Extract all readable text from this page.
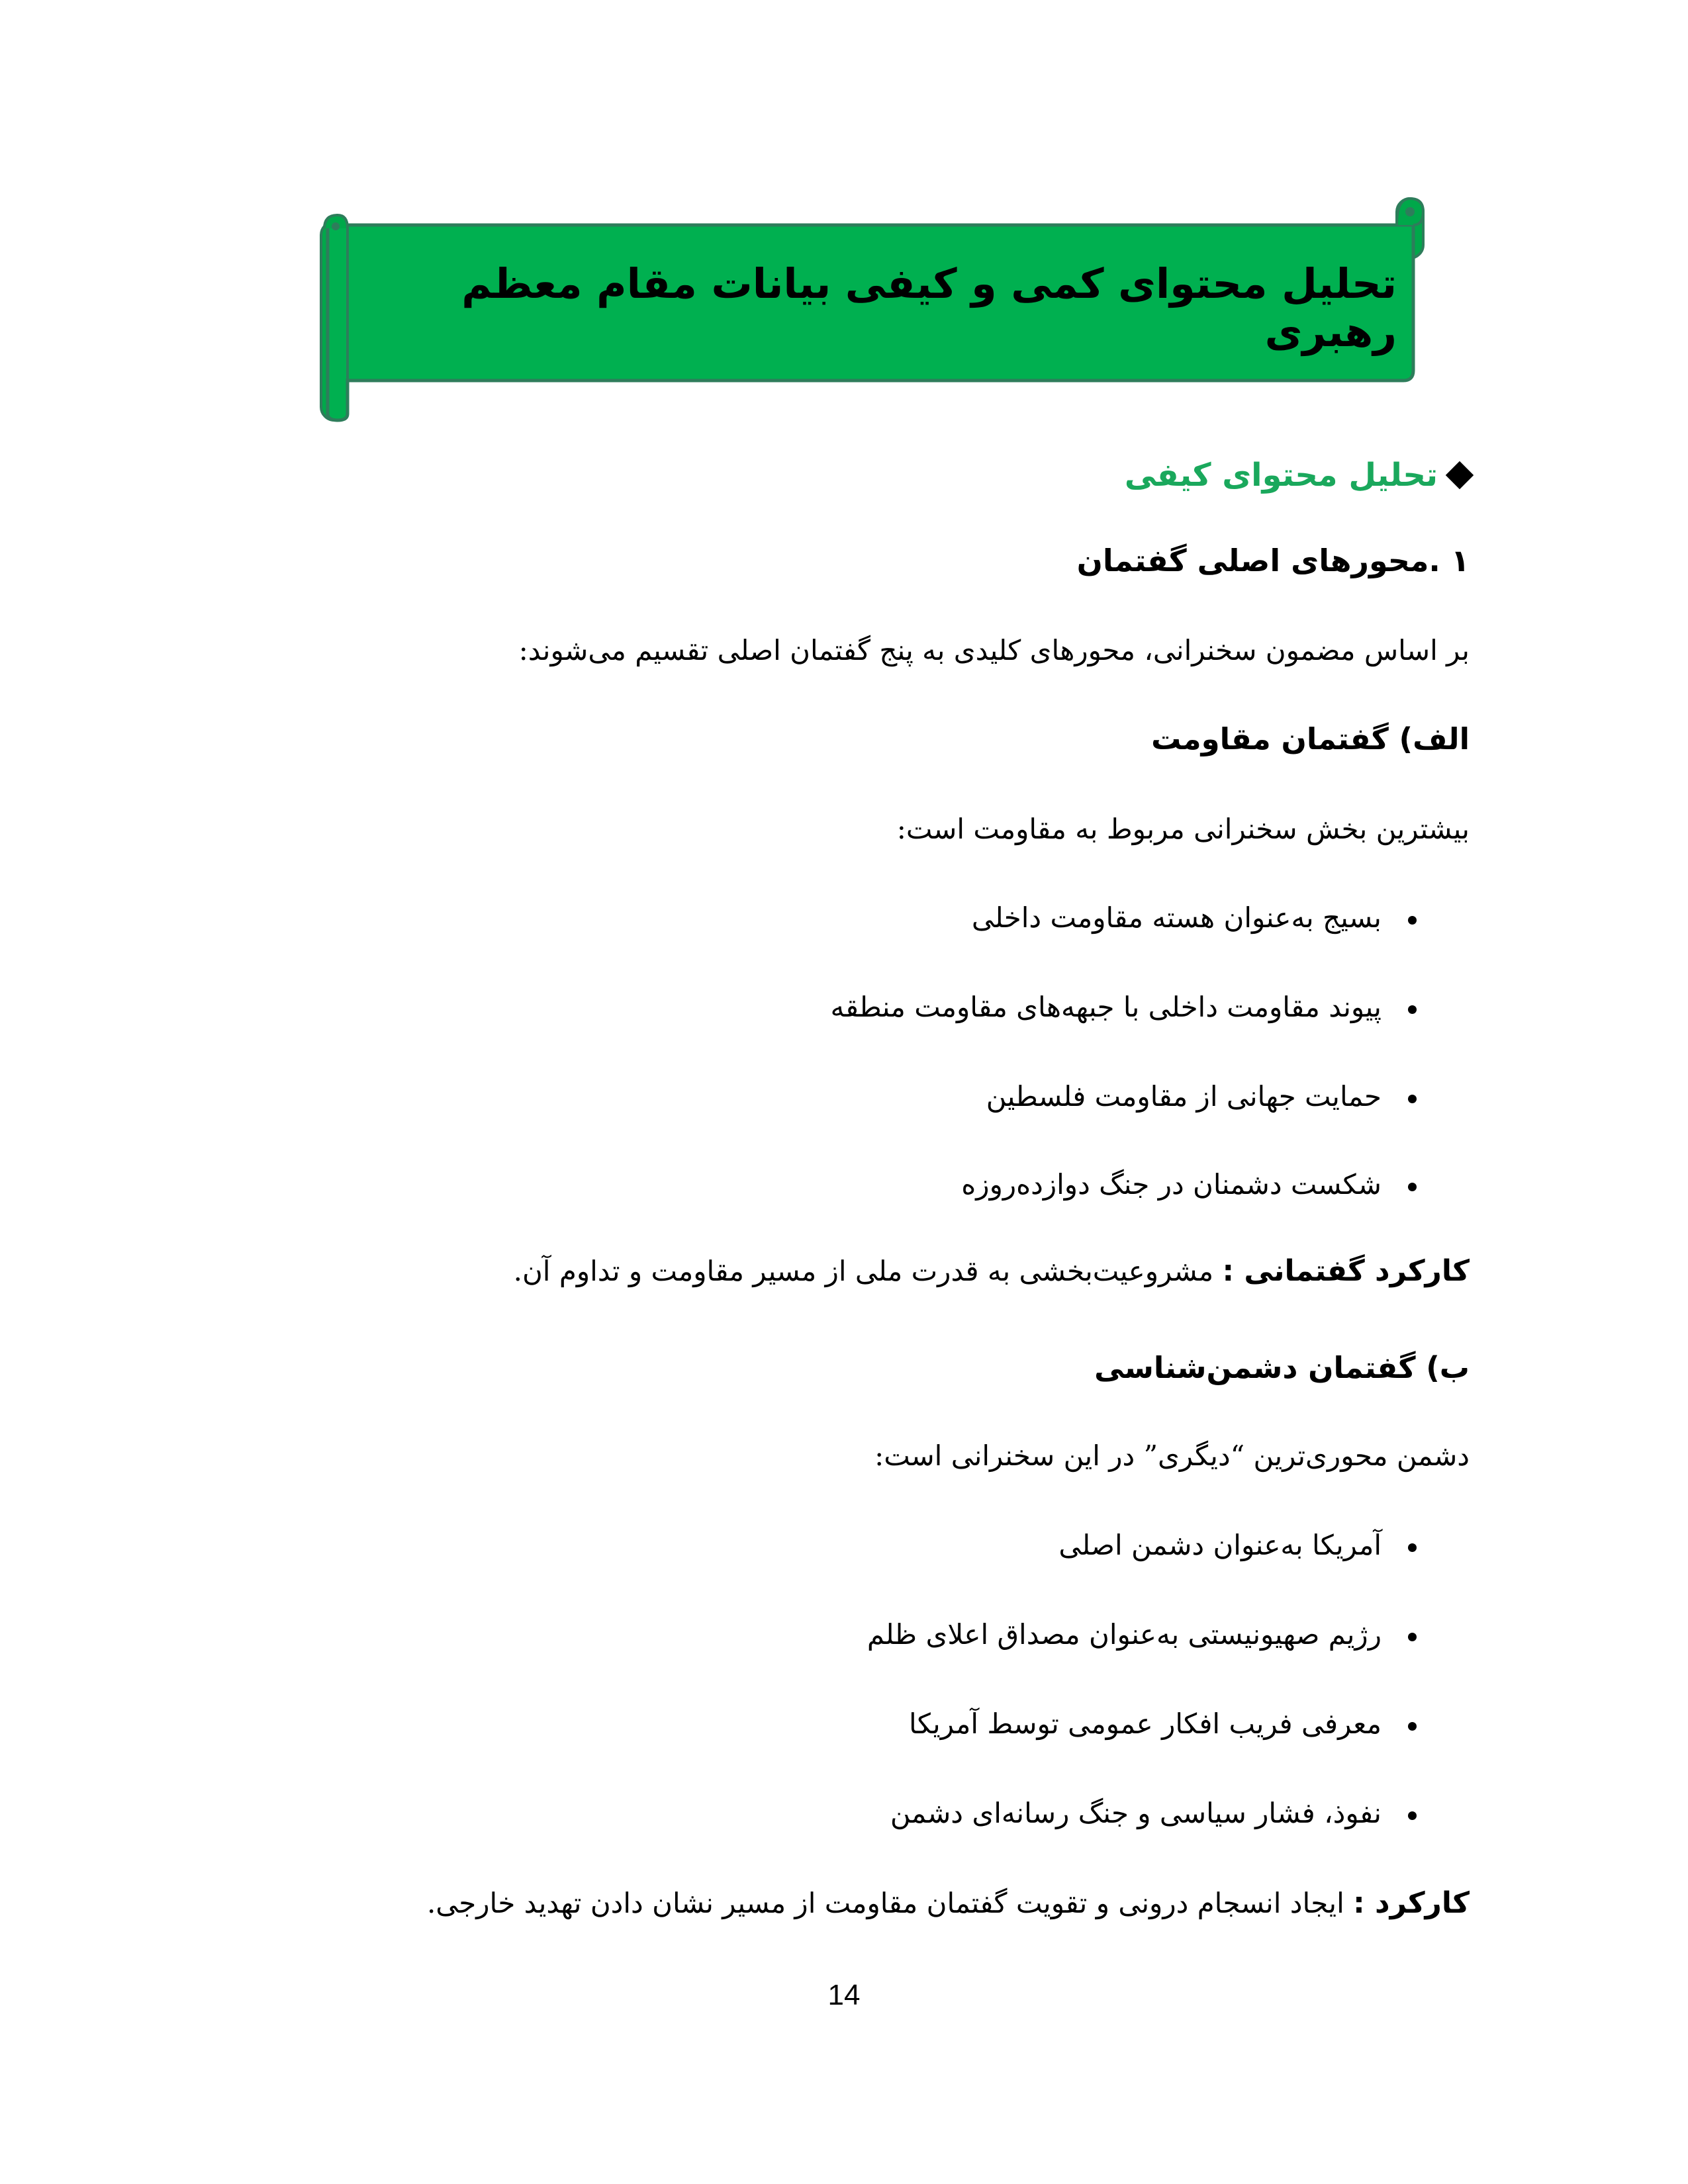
تحلیل محتوای کمی و کیفی بیانات مقام معظم رهبری
تحلیل محتوای کیفی
۱ .محورهای اصلی گفتمان
بر اساس مضمون سخنرانی، محورهای کلیدی به پنج گفتمان اصلی تقسیم می‌شوند:
الف) گفتمان مقاومت
بیشترین بخش سخنرانی مربوط به مقاومت است:
بسیج به‌عنوان هسته مقاومت داخلی
پیوند مقاومت داخلی با جبهه‌های مقاومت منطقه
حمایت جهانی از مقاومت فلسطین
شکست دشمنان در جنگ دوازده‌روزه
کارکرد گفتمانی : مشروعیت‌بخشی به قدرت ملی از مسیر مقاومت و تداوم آن.
ب) گفتمان دشمن‌شناسی
دشمن محوری‌ترین “دیگری” در این سخنرانی است:
آمریکا به‌عنوان دشمن اصلی
رژیم صهیونیستی به‌عنوان مصداق اعلای ظلم
معرفی فریب افکار عمومی توسط آمریکا
نفوذ، فشار سیاسی و جنگ رسانه‌ای دشمن
کارکرد : ایجاد انسجام درونی و تقویت گفتمان مقاومت از مسیر نشان دادن تهدید خارجی.
14
